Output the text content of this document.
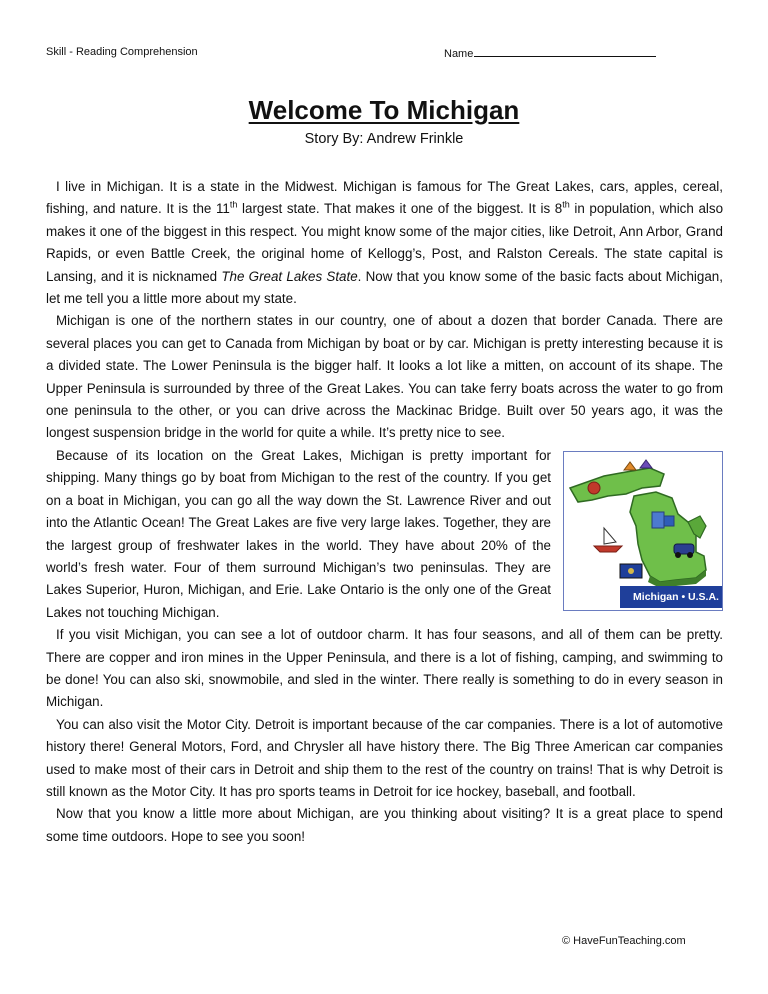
Skill - Reading Comprehension	Name
Welcome To Michigan
Story By: Andrew Frinkle

I live in Michigan. It is a state in the Midwest. Michigan is famous for The Great Lakes, cars, apples, cereal, fishing, and nature. It is the 11th largest state. That makes it one of the biggest. It is 8th in population, which also makes it one of the biggest in this respect. You might know some of the major cities, like Detroit, Ann Arbor, Grand Rapids, or even Battle Creek, the original home of Kellogg’s, Post, and Ralston Cereals. The state capital is Lansing, and it is nicknamed The Great Lakes State. Now that you know some of the basic facts about Michigan, let me tell you a little more about my state.

Michigan is one of the northern states in our country, one of about a dozen that border Canada. There are several places you can get to Canada from Michigan by boat or by car. Michigan is pretty interesting because it is a divided state. The Lower Peninsula is the bigger half. It looks a lot like a mitten, on account of its shape. The Upper Peninsula is surrounded by three of the Great Lakes. You can take ferry boats across the water to go from one peninsula to the other, or you can drive across the Mackinac Bridge. Built over 50 years ago, it was the longest suspension bridge in the world for quite a while. It’s pretty nice to see.

Michigan • U.S.A.
Because of its location on the Great Lakes, Michigan is pretty important for shipping. Many things go by boat from Michigan to the rest of the country. If you get on a boat in Michigan, you can go all the way down the St. Lawrence River and out into the Atlantic Ocean! The Great Lakes are five very large lakes. Together, they are the largest group of freshwater lakes in the world. They have about 20% of the world’s fresh water. Four of them surround Michigan’s two peninsulas. They are Lakes Superior, Huron, Michigan, and Erie. Lake Ontario is the only one of the Great Lakes not touching Michigan.

If you visit Michigan, you can see a lot of outdoor charm. It has four seasons, and all of them can be pretty. There are copper and iron mines in the Upper Peninsula, and there is a lot of fishing, camping, and swimming to be done! You can also ski, snowmobile, and sled in the winter. There really is something to do in every season in Michigan.

You can also visit the Motor City. Detroit is important because of the car companies. There is a lot of automotive history there! General Motors, Ford, and Chrysler all have history there. The Big Three American car companies used to make most of their cars in Detroit and ship them to the rest of the country on trains! That is why Detroit is still known as the Motor City. It has pro sports teams in Detroit for ice hockey, baseball, and football.

Now that you know a little more about Michigan, are you thinking about visiting? It is a great place to spend some time outdoors. Hope to see you soon!

© HaveFunTeaching.com
